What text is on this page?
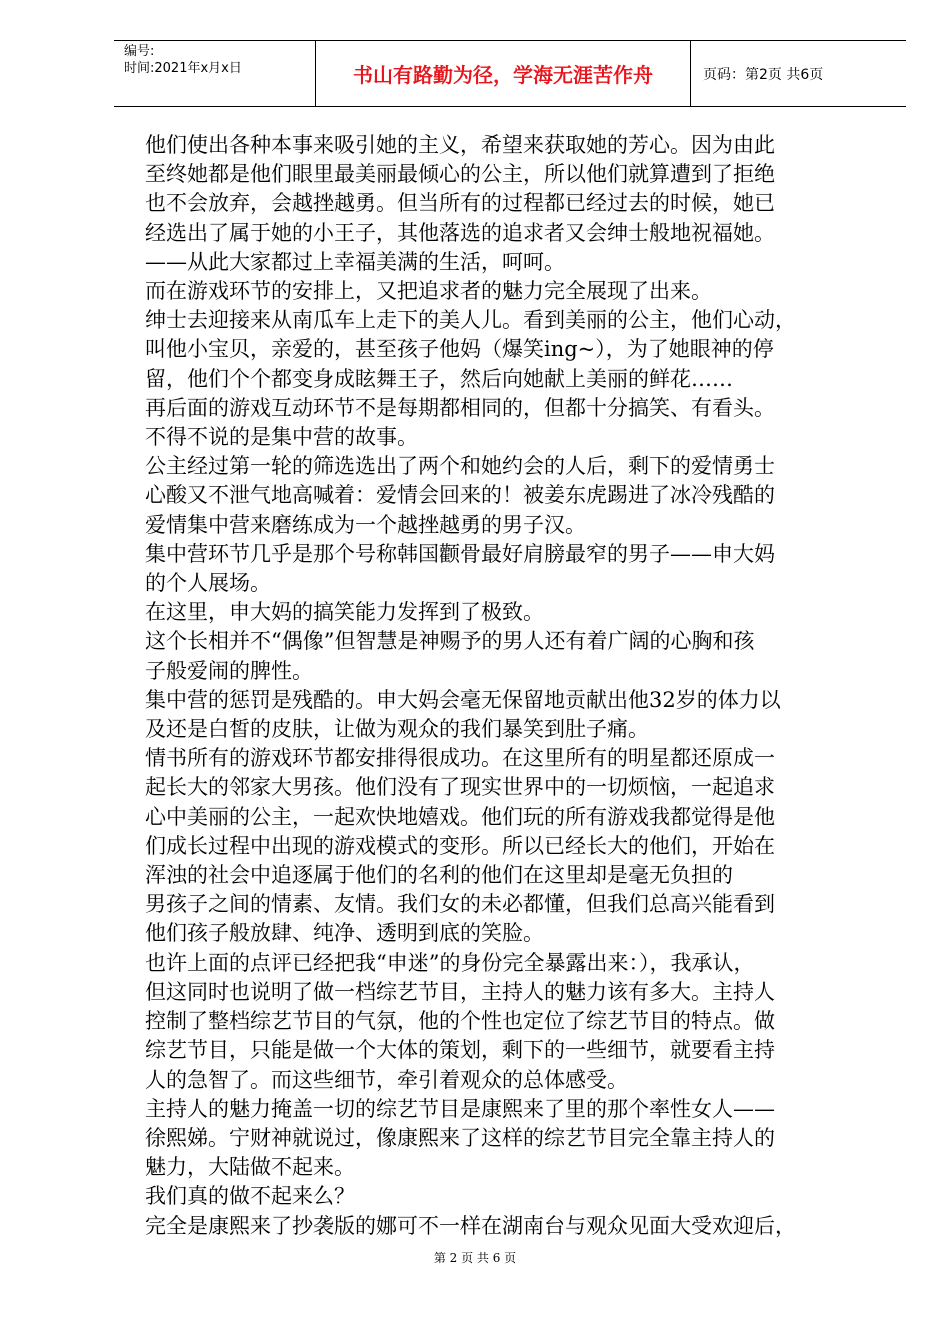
编号:
时间:2021年x月x日	书山有路勤为径，学海无涯苦作舟	页码：第2页 共6页

他们使出各种本事来吸引她的主义，希望来获取她的芳心。因为由此

至终她都是他们眼里最美丽最倾心的公主，所以他们就算遭到了拒绝

也不会放弃，会越挫越勇。但当所有的过程都已经过去的时候，她已

经选出了属于她的小王子，其他落选的追求者又会绅士般地祝福她。

——从此大家都过上幸福美满的生活，呵呵。

而在游戏环节的安排上，又把追求者的魅力完全展现了出来。

绅士去迎接来从南瓜车上走下的美人儿。看到美丽的公主，他们心动，

叫他小宝贝，亲爱的，甚至孩子他妈（爆笑ing~），为了她眼神的停

留，他们个个都变身成眩舞王子，然后向她献上美丽的鲜花……

再后面的游戏互动环节不是每期都相同的，但都十分搞笑、有看头。

不得不说的是集中营的故事。

公主经过第一轮的筛选选出了两个和她约会的人后，剩下的爱情勇士

心酸又不泄气地高喊着：爱情会回来的！被姜东虎踢进了冰冷残酷的

爱情集中营来磨练成为一个越挫越勇的男子汉。

集中营环节几乎是那个号称韩国颧骨最好肩膀最窄的男子——申大妈

的个人展场。

在这里，申大妈的搞笑能力发挥到了极致。

这个长相并不“偶像”但智慧是神赐予的男人还有着广阔的心胸和孩

子般爱闹的脾性。

集中营的惩罚是残酷的。申大妈会毫无保留地贡献出他32岁的体力以

及还是白皙的皮肤，让做为观众的我们暴笑到肚子痛。

情书所有的游戏环节都安排得很成功。在这里所有的明星都还原成一

起长大的邻家大男孩。他们没有了现实世界中的一切烦恼，一起追求

心中美丽的公主，一起欢快地嬉戏。他们玩的所有游戏我都觉得是他

们成长过程中出现的游戏模式的变形。所以已经长大的他们，开始在

浑浊的社会中追逐属于他们的名利的他们在这里却是毫无负担的

男孩子之间的情素、友情。我们女的未必都懂，但我们总高兴能看到

他们孩子般放肆、纯净、透明到底的笑脸。

也许上面的点评已经把我“申迷”的身份完全暴露出来：），我承认，

但这同时也说明了做一档综艺节目，主持人的魅力该有多大。主持人

控制了整档综艺节目的气氛，他的个性也定位了综艺节目的特点。做

综艺节目，只能是做一个大体的策划，剩下的一些细节，就要看主持

人的急智了。而这些细节，牵引着观众的总体感受。

主持人的魅力掩盖一切的综艺节目是康熙来了里的那个率性女人——

徐熙娣。宁财神就说过，像康熙来了这样的综艺节目完全靠主持人的

魅力，大陆做不起来。

我们真的做不起来么？

完全是康熙来了抄袭版的娜可不一样在湖南台与观众见面大受欢迎后，

第 2 页 共 6 页
